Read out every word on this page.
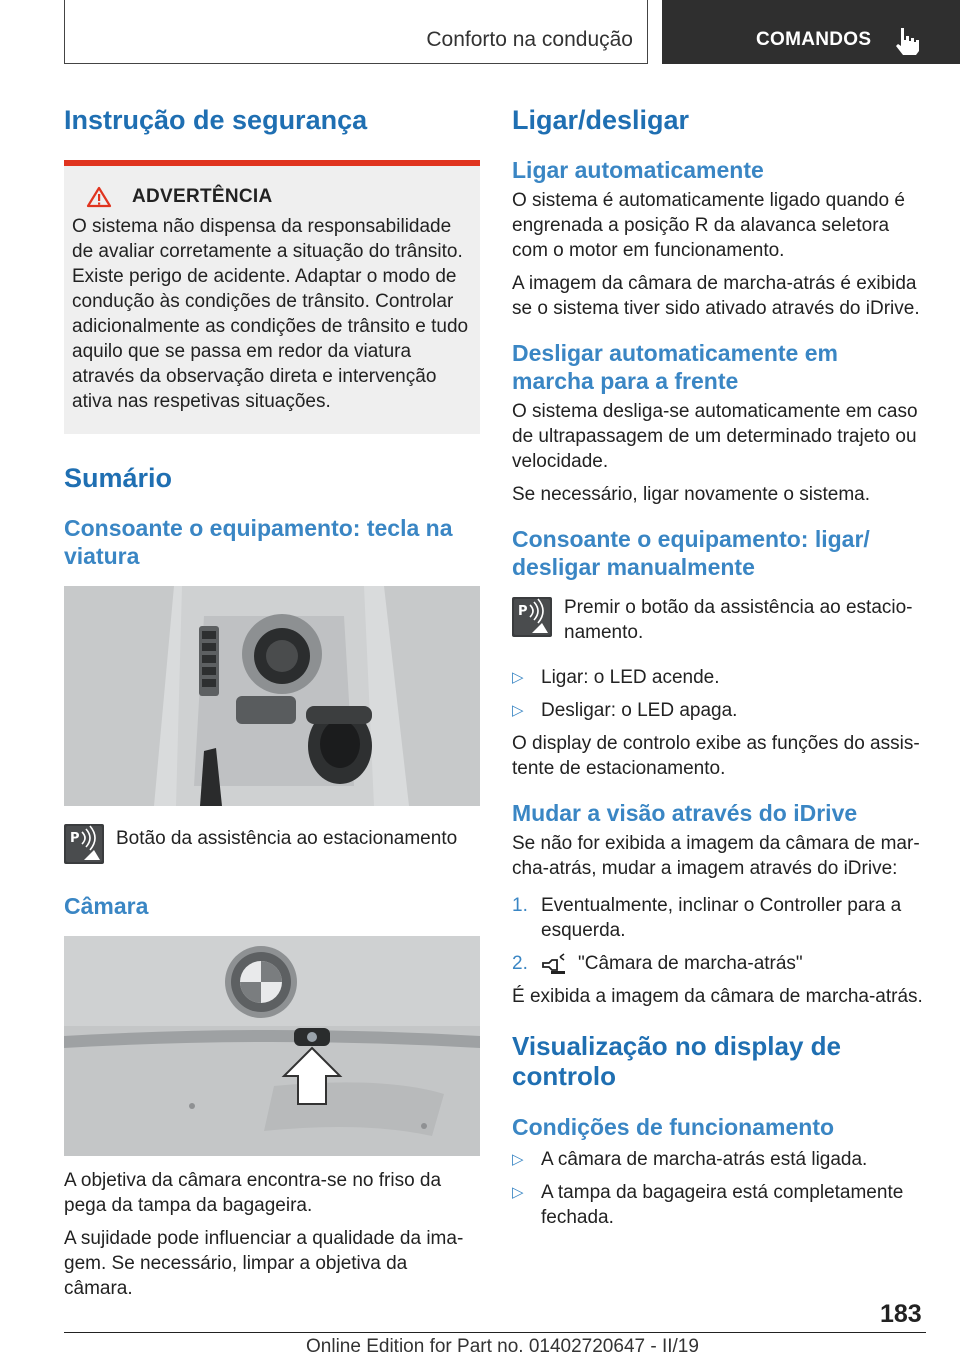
Conforto na condução	COMANDOS
Instrução de segurança
ADVERTÊNCIA

O sistema não dispensa da responsabilidade de avaliar corretamente a situação do trânsito. Existe perigo de acidente. Adaptar o modo de condução às condições de trânsito. Controlar adicionalmente as condições de trânsito e tudo aquilo que se passa em redor da viatura através da observação direta e intervenção ativa nas respetivas situações.

Sumário
Consoante o equipamento: tecla na viatura
P Botão da assistência ao estacionamento

Câmara

A objetiva da câmara encontra-se no friso da pega da tampa da bagageira.

A sujidade pode influenciar a qualidade da ima-gem. Se necessário, limpar a objetiva da câmara.

Ligar/desligar
Ligar automaticamente

O sistema é automaticamente ligado quando é engrenada a posição R da alavanca seletora com o motor em funcionamento.

A imagem da câmara de marcha-atrás é exibida se o sistema tiver sido ativado através do iDrive.

Desligar automaticamente em marcha para a frente

O sistema desliga-se automaticamente em caso de ultrapassagem de um determinado trajeto ou velocidade.

Se necessário, ligar novamente o sistema.

Consoante o equipamento: ligar/ desligar manualmente
P Premir o botão da assistência ao estacio-namento.

▷ Ligar: o LED acende.
▷ Desligar: o LED apaga.

O display de controlo exibe as funções do assis-tente de estacionamento.

Mudar a visão através do iDrive

Se não for exibida a imagem da câmara de mar-cha-atrás, mudar a imagem através do iDrive:

1. Eventualmente, inclinar o Controller para a esquerda.
2.	"Câmara de marcha-atrás"

É exibida a imagem da câmara de marcha-atrás.

Visualização no display de controlo
Condições de funcionamento
▷ A câmara de marcha-atrás está ligada.
▷ A tampa da bagageira está completamente fechada.
183
Online Edition for Part no. 01402720647 - II/19
